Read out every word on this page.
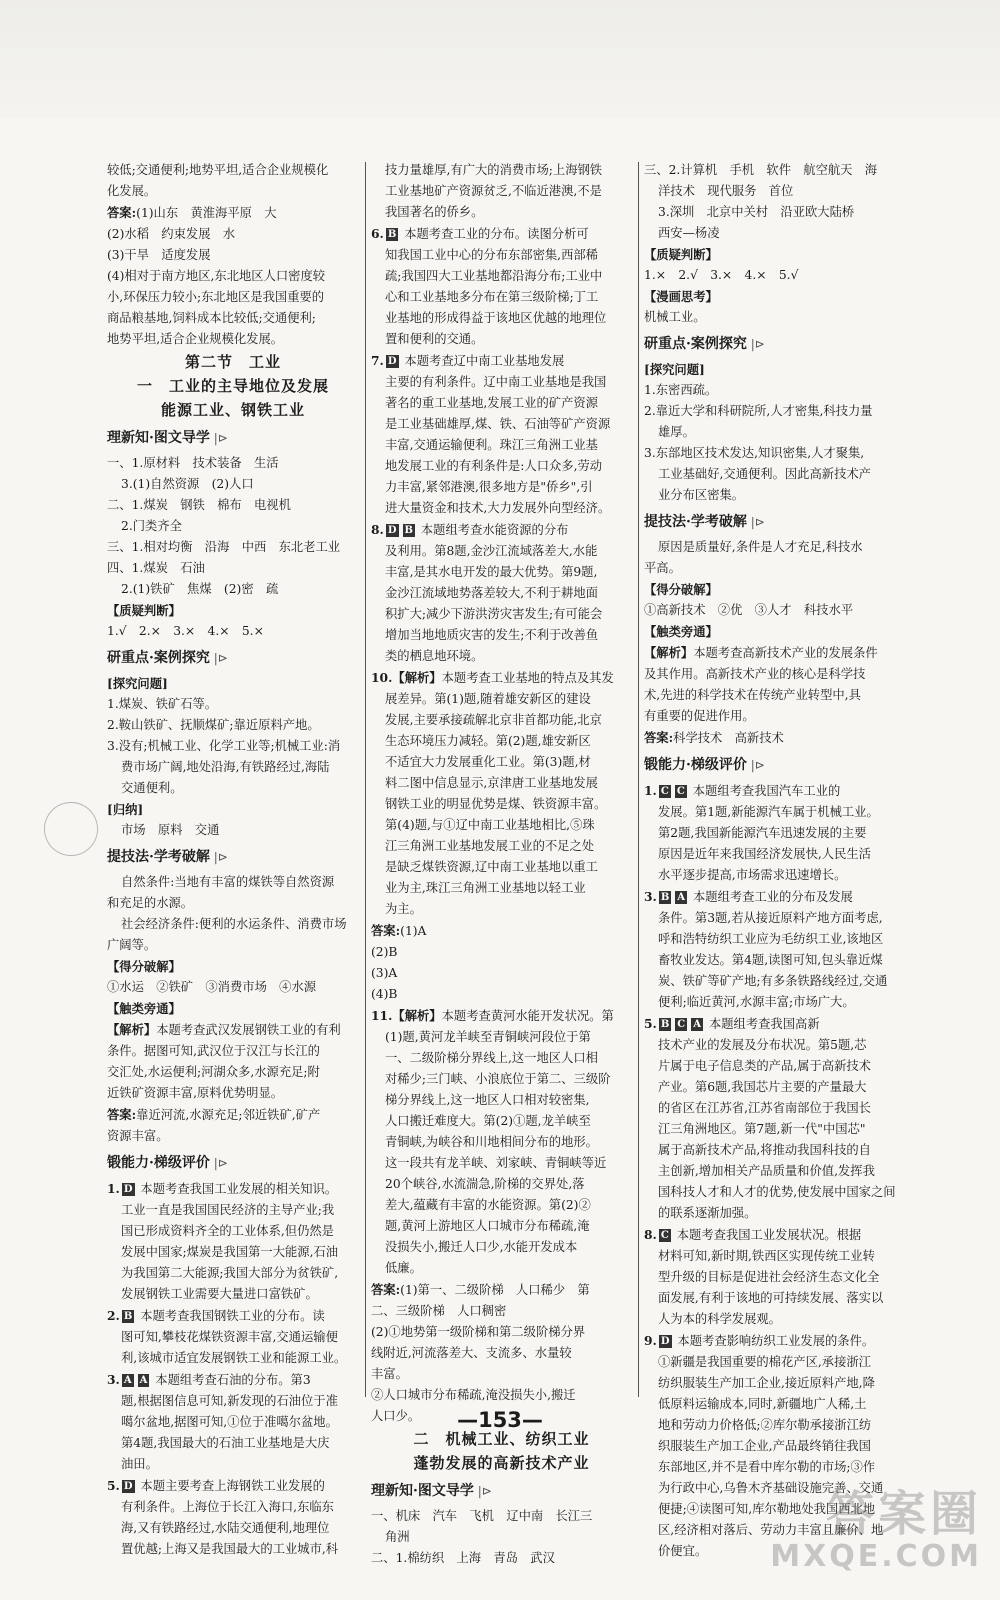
较低;交通便利;地势平坦,适合企业规模化
化发展。
答案:(1)山东　黄淮海平原　大
(2)水稻　约束发展　水
(3)干旱　适度发展
(4)相对于南方地区,东北地区人口密度较
小,环保压力较小;东北地区是我国重要的
商品粮基地,饲料成本比较低;交通便利;
地势平坦,适合企业规模化发展。
第二节　工业
一　工业的主导地位及发展
能源工业、钢铁工业
理新知·图文导学 |⊳
一、1.原材料　技术装备　生活
3.(1)自然资源　(2)人口
二、1.煤炭　钢铁　棉布　电视机
2.门类齐全
三、1.相对均衡　沿海　中西　东北老工业
四、1.煤炭　石油
2.(1)铁矿　焦煤　(2)密　疏
【质疑判断】
1.√　2.×　3.×　4.×　5.×
研重点·案例探究 |⊳
[探究问题]
1.煤炭、铁矿石等。
2.鞍山铁矿、抚顺煤矿;靠近原料产地。
3.没有;机械工业、化学工业等;机械工业:消
费市场广阔,地处沿海,有铁路经过,海陆
交通便利。
[归纳]
市场　原料　交通
提技法·学考破解 |⊳
自然条件:当地有丰富的煤铁等自然资源
和充足的水源。
社会经济条件:便利的水运条件、消费市场
广阔等。
【得分破解】
①水运　②铁矿　③消费市场　④水源
【触类旁通】
【解析】本题考查武汉发展钢铁工业的有利
条件。据图可知,武汉位于汉江与长江的
交汇处,水运便利;河湖众多,水源充足;附
近铁矿资源丰富,原料优势明显。
答案:靠近河流,水源充足;邻近铁矿,矿产
资源丰富。
锻能力·梯级评价 |⊳
1. D 本题考查我国工业发展的相关知识。
工业一直是我国国民经济的主导产业;我
国已形成资料齐全的工业体系,但仍然是
发展中国家;煤炭是我国第一大能源,石油
为我国第二大能源;我国大部分为贫铁矿,
发展钢铁工业需要大量进口富铁矿。
2. B 本题考查我国钢铁工业的分布。读
图可知,攀枝花煤铁资源丰富,交通运输便
利,该城市适宜发展钢铁工业和能源工业。
3. A A 本题组考查石油的分布。第3
题,根据图信息可知,新发现的石油位于准
噶尔盆地,据图可知,①位于准噶尔盆地。
第4题,我国最大的石油工业基地是大庆
油田。
5. D 本题主要考查上海钢铁工业发展的
有利条件。上海位于长江入海口,东临东
海,又有铁路经过,水陆交通便利,地理位
置优越;上海又是我国最大的工业城市,科
技力量雄厚,有广大的消费市场;上海钢铁
工业基地矿产资源贫乏,不临近港澳,不是
我国著名的侨乡。
6. B 本题考查工业的分布。读图分析可
知我国工业中心的分布东部密集,西部稀
疏;我国四大工业基地都沿海分布;工业中
心和工业基地多分布在第三级阶梯;丁工
业基地的形成得益于该地区优越的地理位
置和便利的交通。
7. D 本题考查辽中南工业基地发展
主要的有利条件。辽中南工业基地是我国
著名的重工业基地,发展工业的矿产资源
是工业基础雄厚,煤、铁、石油等矿产资源
丰富,交通运输便利。珠江三角洲工业基
地发展工业的有利条件是:人口众多,劳动
力丰富,紧邻港澳,很多地方是"侨乡",引
进大量资金和技术,大力发展外向型经济。
8. D B 本题组考查水能资源的分布
及利用。第8题,金沙江流域落差大,水能
丰富,是其水电开发的最大优势。第9题,
金沙江流域地势落差较大,不利于耕地面
积扩大;减少下游洪涝灾害发生;有可能会
增加当地地质灾害的发生;不利于改善鱼
类的栖息地环境。
10.【解析】本题考查工业基地的特点及其发
展差异。第(1)题,随着雄安新区的建设
发展,主要承接疏解北京非首都功能,北京
生态环境压力减轻。第(2)题,雄安新区
不适宜大力发展重化工业。第(3)题,材
料二图中信息显示,京津唐工业基地发展
钢铁工业的明显优势是煤、铁资源丰富。
第(4)题,与①辽中南工业基地相比,⑤珠
江三角洲工业基地发展工业的不足之处
是缺乏煤铁资源,辽中南工业基地以重工
业为主,珠江三角洲工业基地以轻工业
为主。
答案:(1)A
(2)B
(3)A
(4)B
11.【解析】本题考查黄河水能开发状况。第
(1)题,黄河龙羊峡至青铜峡河段位于第
一、二级阶梯分界线上,这一地区人口相
对稀少;三门峡、小浪底位于第二、三级阶
梯分界线上,这一地区人口相对较密集,
人口搬迁难度大。第(2)①题,龙羊峡至
青铜峡,为峡谷和川地相间分布的地形。
这一段共有龙羊峡、刘家峡、青铜峡等近
20个峡谷,水流湍急,阶梯的交界处,落
差大,蕴藏有丰富的水能资源。第(2)②
题,黄河上游地区人口城市分布稀疏,淹
没损失小,搬迁人口少,水能开发成本
低廉。
答案:(1)第一、二级阶梯　人口稀少　第
二、三级阶梯　人口稠密
(2)①地势第一级阶梯和第二级阶梯分界
线附近,河流落差大、支流多、水量较
丰富。
②人口城市分布稀疏,淹没损失小,搬迁
人口少。
二　机械工业、纺织工业
蓬勃发展的高新技术产业
理新知·图文导学 |⊳
一、机床　汽车　飞机　辽中南　长江三
角洲
二、1.棉纺织　上海　青岛　武汉
三、2.计算机　手机　软件　航空航天　海
洋技术　现代服务　首位
3.深圳　北京中关村　沿亚欧大陆桥
西安—杨凌
【质疑判断】
1.×　2.√　3.×　4.×　5.√
【漫画思考】
机械工业。
研重点·案例探究 |⊳
[探究问题]
1.东密西疏。
2.靠近大学和科研院所,人才密集,科技力量
雄厚。
3.东部地区技术发达,知识密集,人才聚集,
工业基础好,交通便利。因此高新技术产
业分布区密集。
提技法·学考破解 |⊳
原因是质量好,条件是人才充足,科技水
平高。
【得分破解】
①高新技术　②优　③人才　科技水平
【触类旁通】
【解析】本题考查高新技术产业的发展条件
及其作用。高新技术产业的核心是科学技
术,先进的科学技术在传统产业转型中,具
有重要的促进作用。
答案:科学技术　高新技术
锻能力·梯级评价 |⊳
1. C C 本题组考查我国汽车工业的
发展。第1题,新能源汽车属于机械工业。
第2题,我国新能源汽车迅速发展的主要
原因是近年来我国经济发展快,人民生活
水平逐步提高,市场需求迅速增长。
3. B A 本题组考查工业的分布及发展
条件。第3题,若从接近原料产地方面考虑,
呼和浩特纺织工业应为毛纺织工业,该地区
畜牧业发达。第4题,读图可知,包头靠近煤
炭、铁矿等矿产地;有多条铁路线经过,交通
便利;临近黄河,水源丰富;市场广大。
5. B C A 本题组考查我国高新
技术产业的发展及分布状况。第5题,芯
片属于电子信息类的产品,属于高新技术
产业。第6题,我国芯片主要的产量最大
的省区在江苏省,江苏省南部位于我国长
江三角洲地区。第7题,新一代"中国芯"
属于高新技术产品,将推动我国科技的自
主创新,增加相关产品质量和价值,发挥我
国科技人才和人才的优势,使发展中国家之间
的联系逐渐加强。
8. C 本题考查我国工业发展状况。根据
材料可知,新时期,铁西区实现传统工业转
型升级的目标是促进社会经济生态文化全
面发展,有利于该地的可持续发展、落实以
人为本的科学发展观。
9. D 本题考查影响纺织工业发展的条件。
①新疆是我国重要的棉花产区,承接浙江
纺织服装生产加工企业,接近原料产地,降
低原料运输成本,同时,新疆地广人稀,土
地和劳动力价格低;②库尔勒承接浙江纺
织服装生产加工企业,产品最终销往我国
东部地区,并不是看中库尔勒的市场;③作
为行政中心,乌鲁木齐基础设施完善、交通
便捷;④读图可知,库尔勒地处我国西北地
区,经济相对落后、劳动力丰富且廉价、地
价便宜。
—153—
答案圈
MXQE.COM
